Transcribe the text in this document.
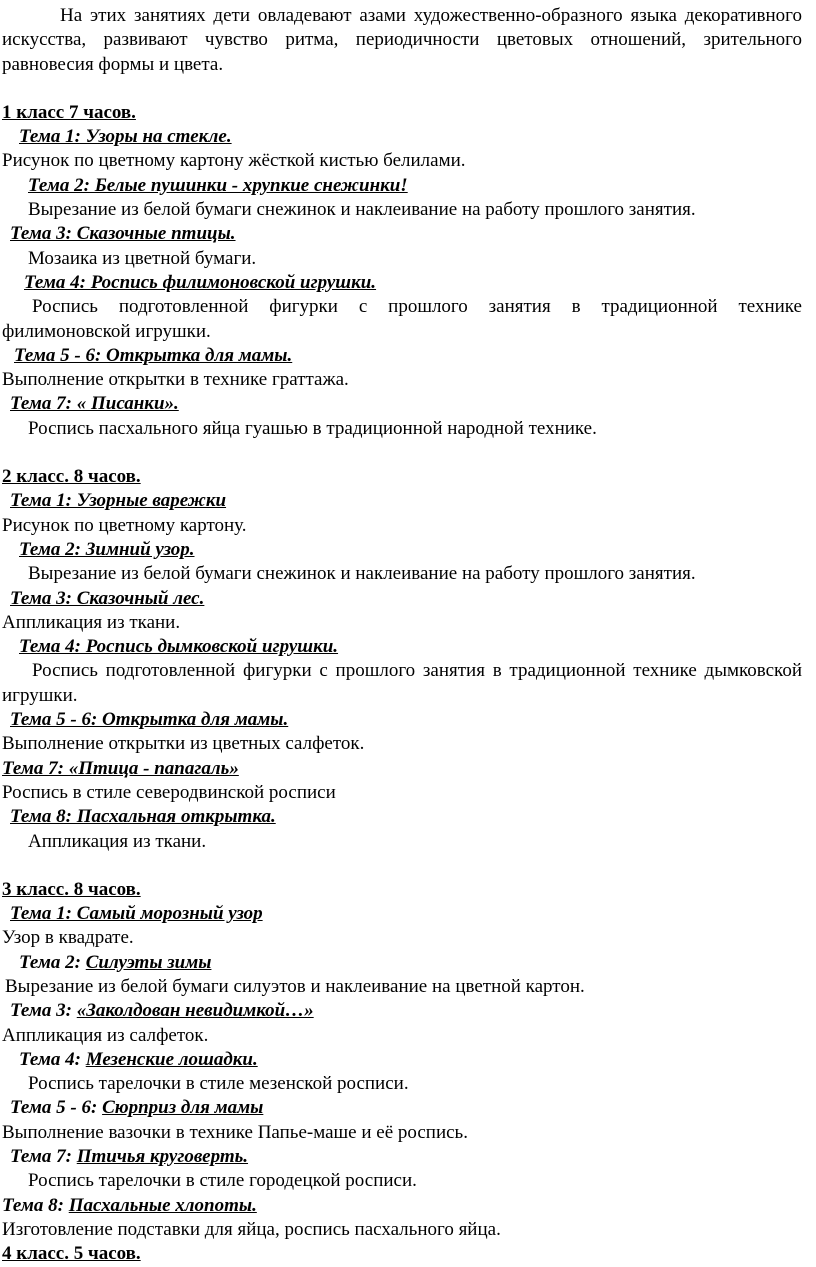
На этих занятиях дети овладевают азами художественно-образного языка декоративного искусства, развивают чувство ритма, периодичности цветовых отношений, зрительного равновесия формы и цвета.

1 класс 7 часов.

Тема 1: Узоры на стекле.

Рисунок по цветному картону жёсткой кистью белилами.

Тема 2: Белые пушинки - хрупкие снежинки!

Вырезание из белой бумаги снежинок и наклеивание на работу прошлого занятия.

Тема 3: Сказочные птицы.

Мозаика из цветной бумаги.

Тема 4: Роспись филимоновской игрушки.

Роспись подготовленной фигурки с прошлого занятия в традиционной технике филимоновской игрушки.

Тема 5 - 6: Открытка для мамы.

Выполнение открытки в технике граттажа.

Тема 7: « Писанки».

Роспись пасхального яйца гуашью в традиционной народной технике.

2 класс. 8 часов.

Тема 1: Узорные варежки

Рисунок по цветному картону.

Тема 2: Зимний узор.

Вырезание из белой бумаги снежинок и наклеивание на работу прошлого занятия.

Тема 3: Сказочный лес.

Аппликация из ткани.

Тема 4: Роспись дымковской игрушки.

Роспись подготовленной фигурки с прошлого занятия в традиционной технике дымковской игрушки.

Тема 5 - 6: Открытка для мамы.

Выполнение открытки из цветных салфеток.

Тема 7: «Птица - папагаль»

Роспись в стиле северодвинской росписи

Тема 8: Пасхальная открытка.

Аппликация из ткани.

3 класс. 8 часов.

Тема 1: Самый морозный узор

Узор в квадрате.

Тема 2: Силуэты зимы

Вырезание из белой бумаги силуэтов и наклеивание на цветной картон.

Тема 3: «Заколдован невидимкой…»

Аппликация из салфеток.

Тема 4: Мезенские лошадки.

Роспись тарелочки в стиле мезенской росписи.

Тема 5 - 6: Сюрприз для мамы

Выполнение вазочки в технике Папье-маше и её роспись.

Тема 7: Птичья круговерть.

Роспись тарелочки в стиле городецкой росписи.

Тема 8: Пасхальные хлопоты.

Изготовление подставки для яйца, роспись пасхального яйца.

4 класс. 5 часов.
